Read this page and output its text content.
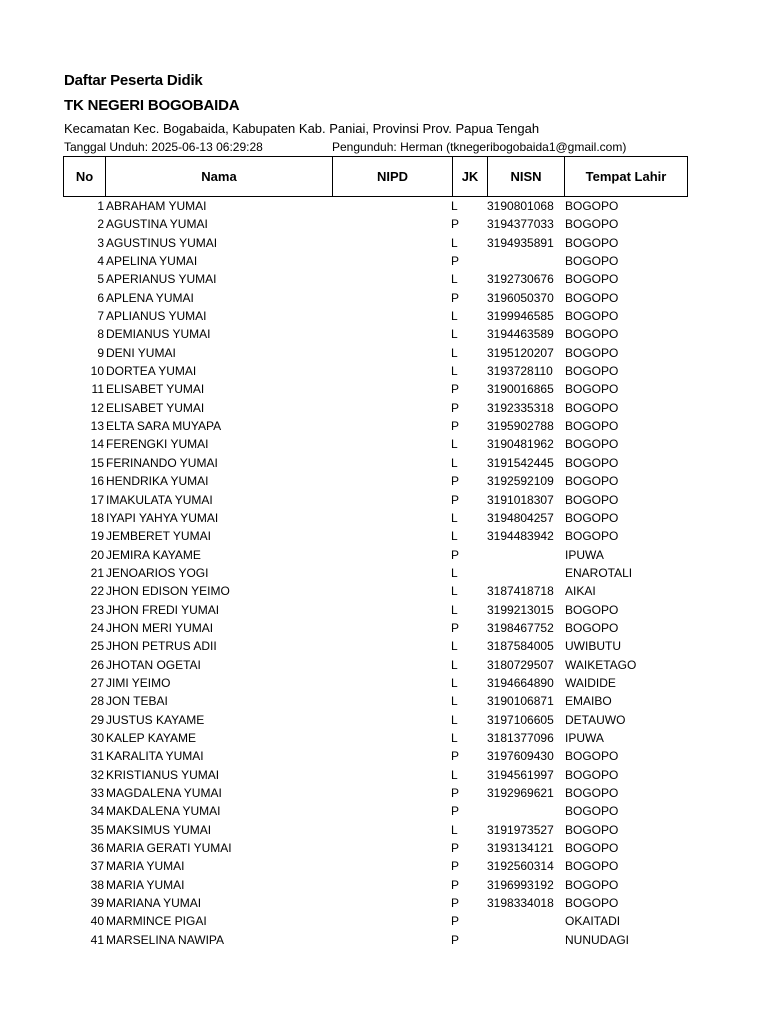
Daftar Peserta Didik
TK NEGERI BOGOBAIDA
Kecamatan Kec. Bogabaida, Kabupaten Kab. Paniai, Provinsi Prov. Papua Tengah
Tanggal Unduh: 2025-06-13 06:29:28	Pengunduh: Herman (tknegeribogobaida1@gmail.com)
No	Nama	NIPD	JK	NISN	Tempat Lahir
1 ABRAHAM YUMAI	L 3190801068 BOGOPO
2 AGUSTINA YUMAI	P 3194377033 BOGOPO
3 AGUSTINUS YUMAI	L 3194935891 BOGOPO
4 APELINA YUMAI	P	BOGOPO
5 APERIANUS YUMAI	L 3192730676 BOGOPO
6 APLENA YUMAI	P 3196050370 BOGOPO
7 APLIANUS YUMAI	L 3199946585 BOGOPO
8 DEMIANUS YUMAI	L 3194463589 BOGOPO
9 DENI YUMAI	L 3195120207 BOGOPO
10 DORTEA YUMAI	L 3193728110 BOGOPO
11 ELISABET YUMAI	P 3190016865 BOGOPO
12 ELISABET YUMAI	P 3192335318 BOGOPO
13 ELTA SARA MUYAPA	P 3195902788 BOGOPO
14 FERENGKI YUMAI	L 3190481962 BOGOPO
15 FERINANDO YUMAI	L 3191542445 BOGOPO
16 HENDRIKA YUMAI	P 3192592109 BOGOPO
17 IMAKULATA YUMAI	P 3191018307 BOGOPO
18 IYAPI YAHYA YUMAI	L 3194804257 BOGOPO
19 JEMBERET YUMAI	L 3194483942 BOGOPO
20 JEMIRA KAYAME	P	IPUWA
21 JENOARIOS YOGI	L	ENAROTALI
22 JHON EDISON YEIMO	L 3187418718 AIKAI
23 JHON FREDI YUMAI	L 3199213015 BOGOPO
24 JHON MERI YUMAI	P 3198467752 BOGOPO
25 JHON PETRUS ADII	L 3187584005 UWIBUTU
26 JHOTAN OGETAI	L 3180729507 WAIKETAGO
27 JIMI YEIMO	L 3194664890 WAIDIDE
28 JON TEBAI	L 3190106871 EMAIBO
29 JUSTUS KAYAME	L 3197106605 DETAUWO
30 KALEP KAYAME	L 3181377096 IPUWA
31 KARALITA YUMAI	P 3197609430 BOGOPO
32 KRISTIANUS YUMAI	L 3194561997 BOGOPO
33 MAGDALENA YUMAI	P 3192969621 BOGOPO
34 MAKDALENA YUMAI	P	BOGOPO
35 MAKSIMUS YUMAI	L 3191973527 BOGOPO
36 MARIA GERATI YUMAI	P 3193134121 BOGOPO
37 MARIA YUMAI	P 3192560314 BOGOPO
38 MARIA YUMAI	P 3196993192 BOGOPO
39 MARIANA YUMAI	P 3198334018 BOGOPO
40 MARMINCE PIGAI	P	OKAITADI
41 MARSELINA NAWIPA	P	NUNUDAGI
